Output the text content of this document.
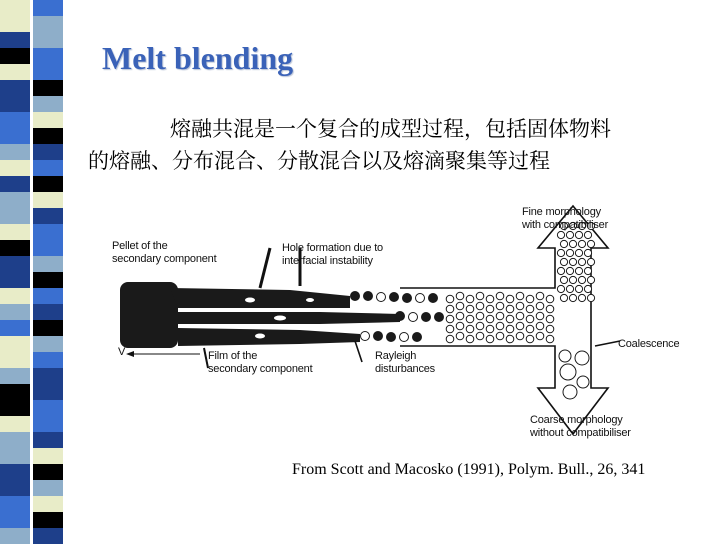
Melt blending
熔融共混是一个复合的成型过程，包括固体物料
的熔融、分布混合、分散混合以及熔滴聚集等过程
Pellet of the
secondary component
Hole formation due to
interfacial instability
Fine morphology
with compatibiliser
Film of the
secondary component
Rayleigh
disturbances
Coalescence
Coarse morphology
without compatibiliser
V
From Scott and Macosko (1991), Polym. Bull., 26, 341
